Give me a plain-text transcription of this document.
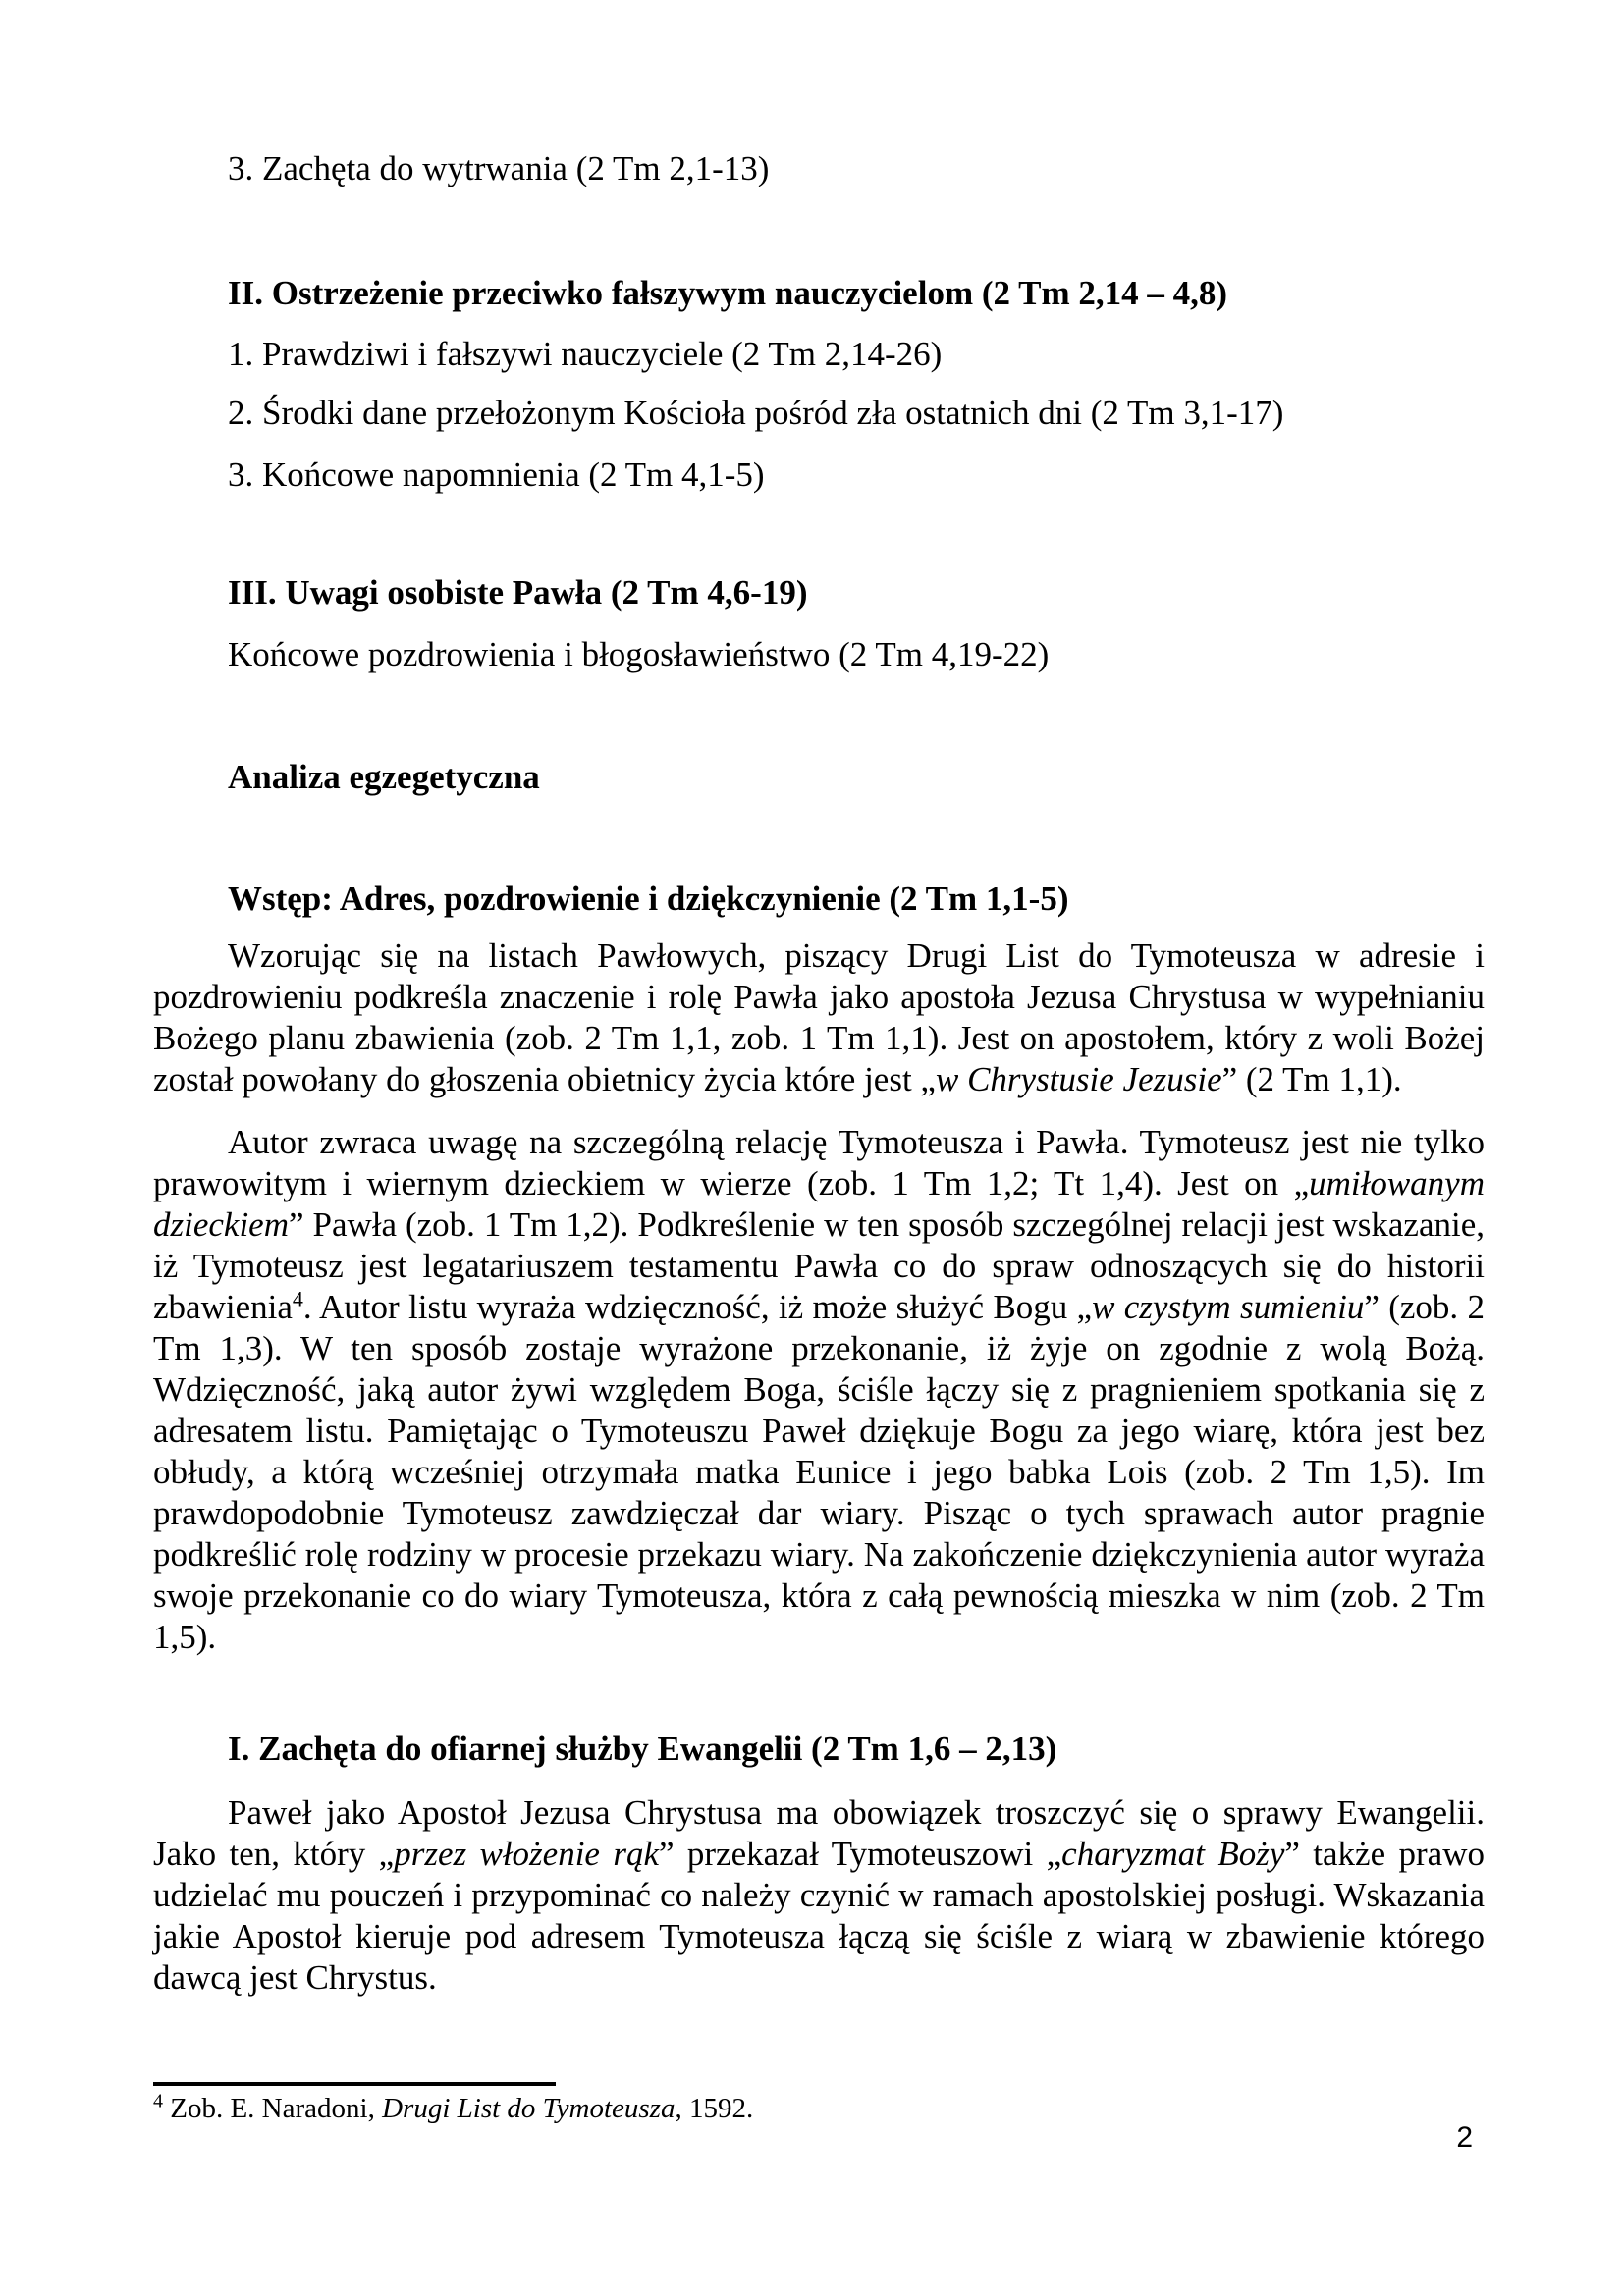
3. Zachęta do wytrwania (2 Tm 2,1-13)

II. Ostrzeżenie przeciwko fałszywym nauczycielom (2 Tm 2,14 – 4,8)

1. Prawdziwi i fałszywi nauczyciele (2 Tm 2,14-26)

2. Środki dane przełożonym Kościoła pośród zła ostatnich dni (2 Tm 3,1-17)

3. Końcowe napomnienia (2 Tm 4,1-5)

III. Uwagi osobiste Pawła (2 Tm 4,6-19)

Końcowe pozdrowienia i błogosławieństwo (2 Tm 4,19-22)

Analiza egzegetyczna
Wstęp: Adres, pozdrowienie i dziękczynienie (2 Tm 1,1-5)

Wzorując się na listach Pawłowych, piszący Drugi List do Tymoteusza w adresie i pozdrowieniu podkreśla znaczenie i rolę Pawła jako apostoła Jezusa Chrystusa w wypełnianiu Bożego planu zbawienia (zob. 2 Tm 1,1, zob. 1 Tm 1,1). Jest on apostołem, który z woli Bożej został powołany do głoszenia obietnicy życia które jest „w Chrystusie Jezusie” (2 Tm 1,1).

Autor zwraca uwagę na szczególną relację Tymoteusza i Pawła. Tymoteusz jest nie tylko prawowitym i wiernym dzieckiem w wierze (zob. 1 Tm 1,2; Tt 1,4). Jest on „umiłowanym dzieckiem” Pawła (zob. 1 Tm 1,2). Podkreślenie w ten sposób szczególnej relacji jest wskazanie, iż Tymoteusz jest legatariuszem testamentu Pawła co do spraw odnoszących się do historii zbawienia$^4$. Autor listu wyraża wdzięczność, iż może służyć Bogu „w czystym sumieniu” (zob. 2 Tm 1,3). W ten sposób zostaje wyrażone przekonanie, iż żyje on zgodnie z wolą Bożą. Wdzięczność, jaką autor żywi względem Boga, ściśle łączy się z pragnieniem spotkania się z adresatem listu. Pamiętając o Tymoteuszu Paweł dziękuje Bogu za jego wiarę, która jest bez obłudy, a którą wcześniej otrzymała matka Eunice i jego babka Lois (zob. 2 Tm 1,5). Im prawdopodobnie Tymoteusz zawdzięczał dar wiary. Pisząc o tych sprawach autor pragnie podkreślić rolę rodziny w procesie przekazu wiary. Na zakończenie dziękczynienia autor wyraża swoje przekonanie co do wiary Tymoteusza, która z całą pewnością mieszka w nim (zob. 2 Tm 1,5).

I. Zachęta do ofiarnej służby Ewangelii (2 Tm 1,6 – 2,13)

Paweł jako Apostoł Jezusa Chrystusa ma obowiązek troszczyć się o sprawy Ewangelii. Jako ten, który „przez włożenie rąk” przekazał Tymoteuszowi „charyzmat Boży” także prawo udzielać mu pouczeń i przypominać co należy czynić w ramach apostolskiej posługi. Wskazania jakie Apostoł kieruje pod adresem Tymoteusza łączą się ściśle z wiarą w zbawienie którego dawcą jest Chrystus.

$^4$ Zob. E. Naradoni, Drugi List do Tymoteusza, 1592.
2
